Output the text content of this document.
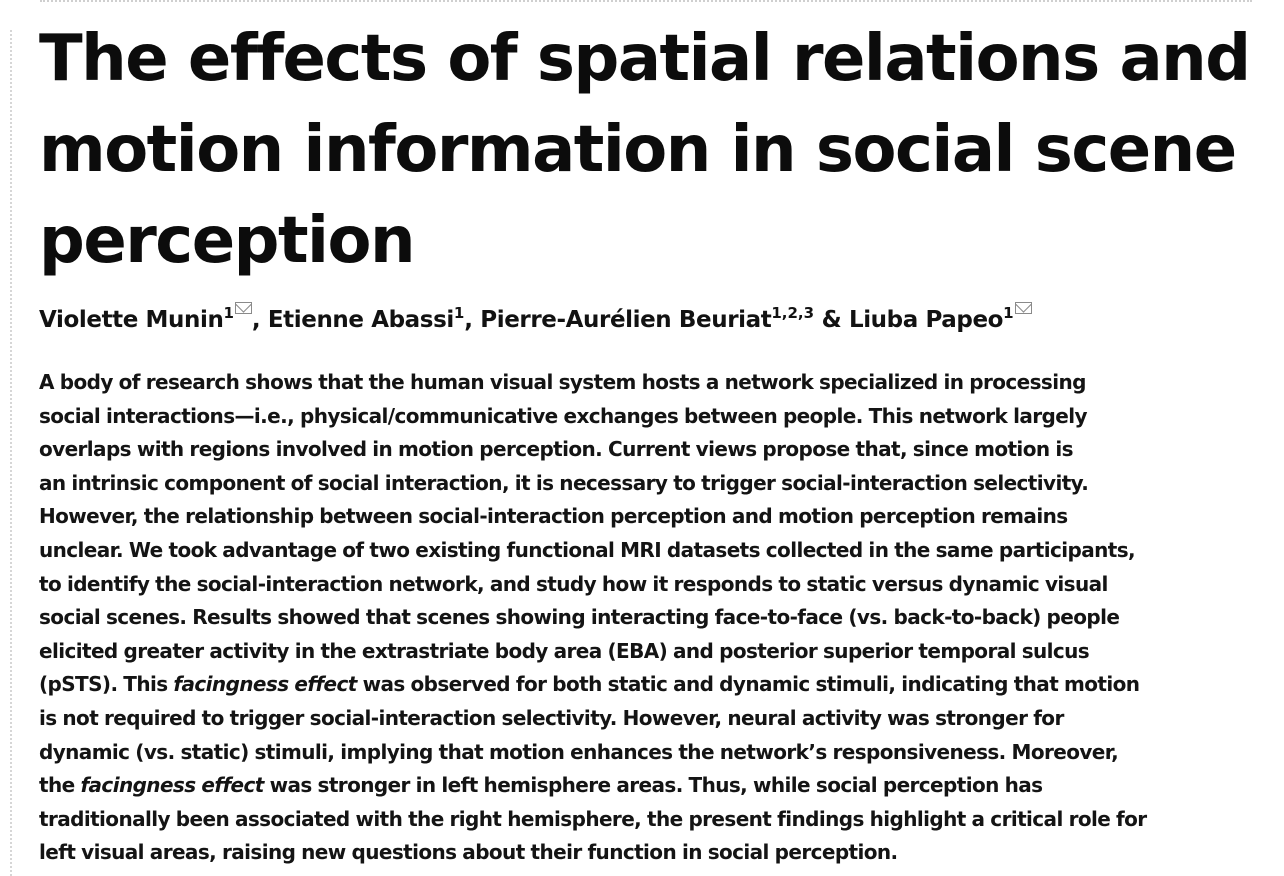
The effects of spatial relations and
motion information in social scene
perception
Violette Munin$^1$ , Etienne Abassi$^1$, Pierre-Aurélien Beuriat$^{1,2,3}$ & Liuba Papeo$^1$
A body of research shows that the human visual system hosts a network specialized in processing
social interactions—i.e., physical/communicative exchanges between people. This network largely
overlaps with regions involved in motion perception. Current views propose that, since motion is
an intrinsic component of social interaction, it is necessary to trigger social-interaction selectivity.
However, the relationship between social-interaction perception and motion perception remains
unclear. We took advantage of two existing functional MRI datasets collected in the same participants,
to identify the social-interaction network, and study how it responds to static versus dynamic visual
social scenes. Results showed that scenes showing interacting face-to-face (vs. back-to-back) people
elicited greater activity in the extrastriate body area (EBA) and posterior superior temporal sulcus
(pSTS). This facingness effect was observed for both static and dynamic stimuli, indicating that motion
is not required to trigger social-interaction selectivity. However, neural activity was stronger for
dynamic (vs. static) stimuli, implying that motion enhances the network’s responsiveness. Moreover,
the facingness effect was stronger in left hemisphere areas. Thus, while social perception has
traditionally been associated with the right hemisphere, the present findings highlight a critical role for
left visual areas, raising new questions about their function in social perception.
